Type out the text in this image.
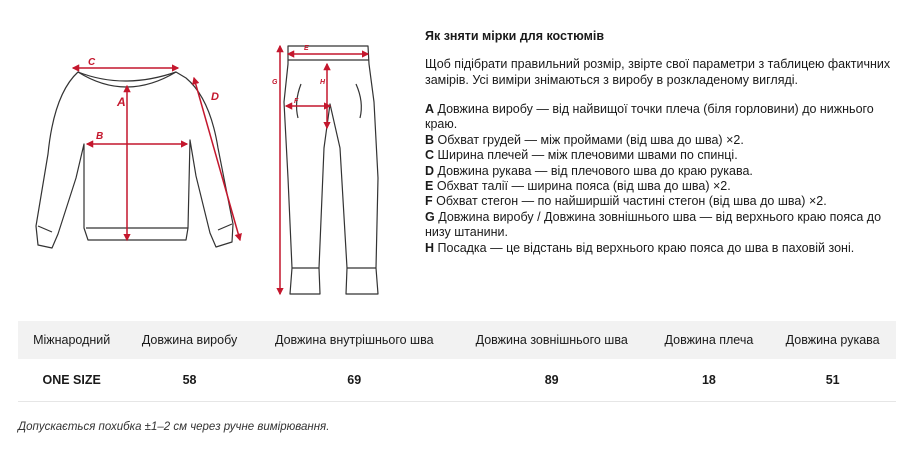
C
A
B
D
E
G	H
F

Як зняти мірки для костюмів

Щоб підібрати правильний розмір, звірте свої параметри з таблицею фактичних замірів. Усі виміри знімаються з виробу в розкладеному вигляді.

A Довжина виробу — від найвищої точки плеча (біля горловини) до нижнього краю.
B Обхват грудей — між проймами (від шва до шва) ×2.
C Ширина плечей — між плечовими швами по спинці.
D Довжина рукава — від плечового шва до краю рукава.
E Обхват талії — ширина пояса (від шва до шва) ×2.
F Обхват стегон — по найширшій частині стегон (від шва до шва) ×2.
G Довжина виробу / Довжина зовнішнього шва — від верхнього краю пояса до низу штанини.
H Посадка — це відстань від верхнього краю пояса до шва в паховій зоні.
Міжнародний	Довжина виробу	Довжина внутрішнього шва	Довжина зовнішнього шва	Довжина плеча	Довжина рукава
ONE SIZE	58	69	89	18	51
Допускається похибка ±1–2 см через ручне вимірювання.
